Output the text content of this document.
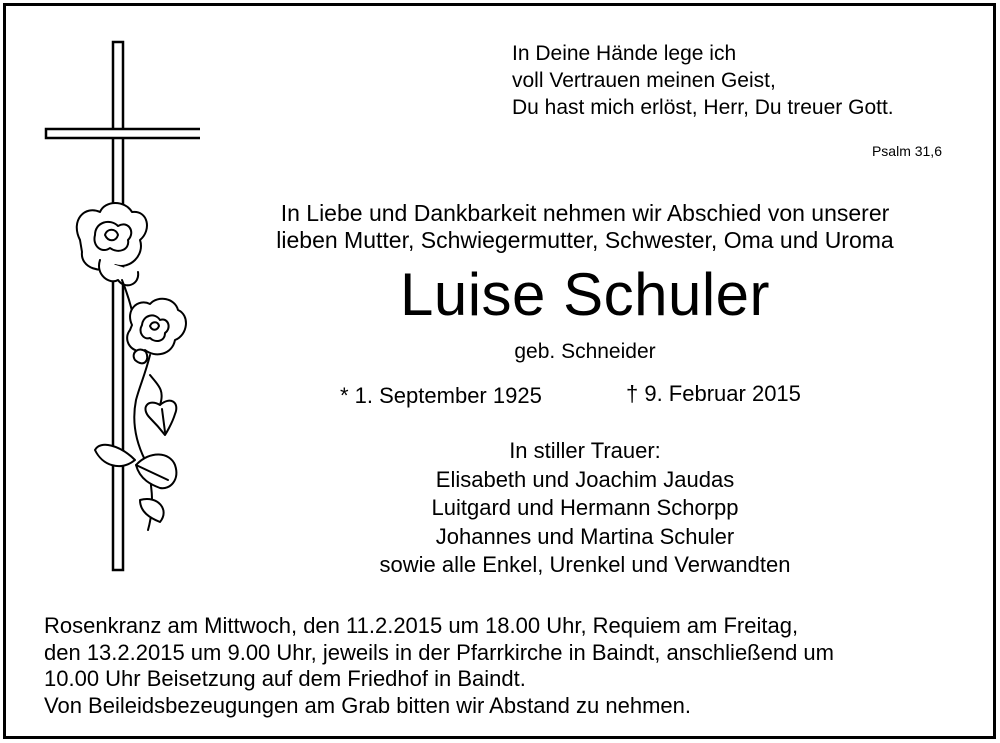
In Deine Hände lege ich
voll Vertrauen meinen Geist,
Du hast mich erlöst, Herr, Du treuer Gott.
Psalm 31,6
In Liebe und Dankbarkeit nehmen wir Abschied von unserer
lieben Mutter, Schwiegermutter, Schwester, Oma und Uroma
Luise Schuler
geb. Schneider
* 1. September 1925	† 9. Februar 2015
In stiller Trauer:
Elisabeth und Joachim Jaudas
Luitgard und Hermann Schorpp
Johannes und Martina Schuler
sowie alle Enkel, Urenkel und Verwandten
Rosenkranz am Mittwoch, den 11.2.2015 um 18.00 Uhr, Requiem am Freitag,
den 13.2.2015 um 9.00 Uhr, jeweils in der Pfarrkirche in Baindt, anschließend um
10.00 Uhr Beisetzung auf dem Friedhof in Baindt.
Von Beileidsbezeugungen am Grab bitten wir Abstand zu nehmen.
